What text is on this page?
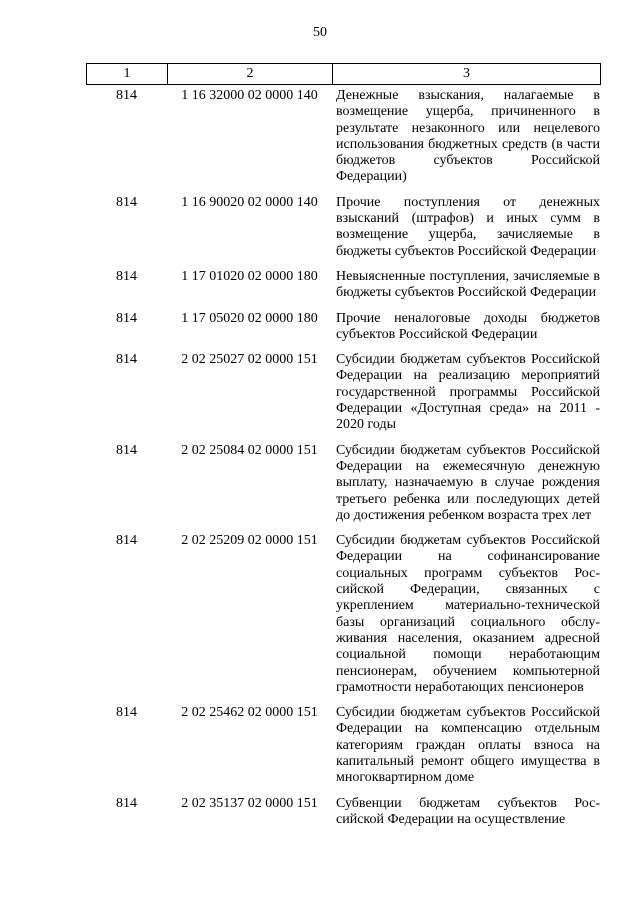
50
1	2	3
814	1 16 32000 02 0000 140	Денежные взыскания, налагаемые в возмещение ущерба, причиненного в результате незаконного или нецелевого использования бюджетных средств (в части бюджетов субъектов Российской Федерации)
814	1 16 90020 02 0000 140	Прочие поступления от денежных взысканий (штрафов) и иных сумм в возмещение ущерба, зачисляемые в бюджеты субъектов Российской Федерации
814	1 17 01020 02 0000 180	Невыясненные поступления, зачисляемые в бюджеты субъектов Российской Федерации
814	1 17 05020 02 0000 180	Прочие неналоговые доходы бюджетов субъектов Российской Федерации
814	2 02 25027 02 0000 151	Субсидии бюджетам субъектов Российской Федерации на реализацию мероприятий государственной программы Российской Федерации «Доступная среда» на 2011 - 2020 годы
814	2 02 25084 02 0000 151	Субсидии бюджетам субъектов Российской Федерации на ежемесячную денежную выплату, назначаемую в случае рождения третьего ребенка или последующих детей до достижения ребенком возраста трех лет
814	2 02 25209 02 0000 151	Субсидии бюджетам субъектов Российской Федерации на софинансирование социальных программ субъектов Российской Федерации, связанных с укреплением материально-технической базы организаций социального обслуживания населения, оказанием адресной социальной помощи неработающим пенсионерам, обучением компьютерной грамотности неработающих пенсионеров
814	2 02 25462 02 0000 151	Субсидии бюджетам субъектов Российской Федерации на компенсацию отдельным категориям граждан оплаты взноса на капитальный ремонт общего имущества в многоквартирном доме
814	2 02 35137 02 0000 151	Субвенции бюджетам субъектов Российской Федерации на осуществление
